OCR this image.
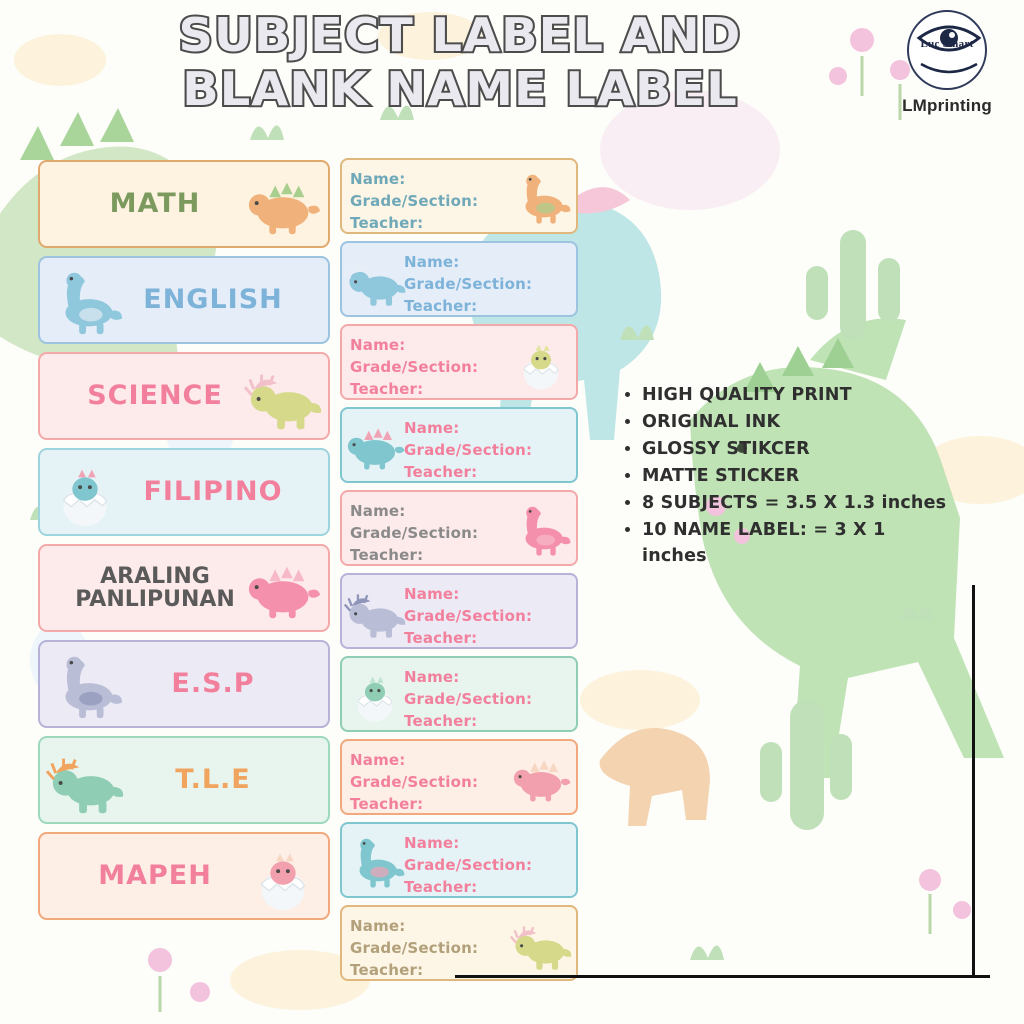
SUBJECT LABEL AND
BLANK NAME LABEL
Luc Smart
LMprinting
MATH
ENGLISH
SCIENCE
FILIPINO
ARALING
PANLIPUNAN
E.S.P
T.L.E
MAPEH
Name:
Grade/Section:
Teacher:
Name:
Grade/Section:
Teacher:
Name:
Grade/Section:
Teacher:
Name:
Grade/Section:
Teacher:
Name:
Grade/Section:
Teacher:
Name:
Grade/Section:
Teacher:
Name:
Grade/Section:
Teacher:
Name:
Grade/Section:
Teacher:
Name:
Grade/Section:
Teacher:
Name:
Grade/Section:
Teacher:
• HIGH QUALITY PRINT
• ORIGINAL INK
• GLOSSY STIKCER
• MATTE STICKER
• 8 SUBJECTS = 3.5 X 1.3 inches
• 10 NAME LABEL: = 3 X 1 inches
